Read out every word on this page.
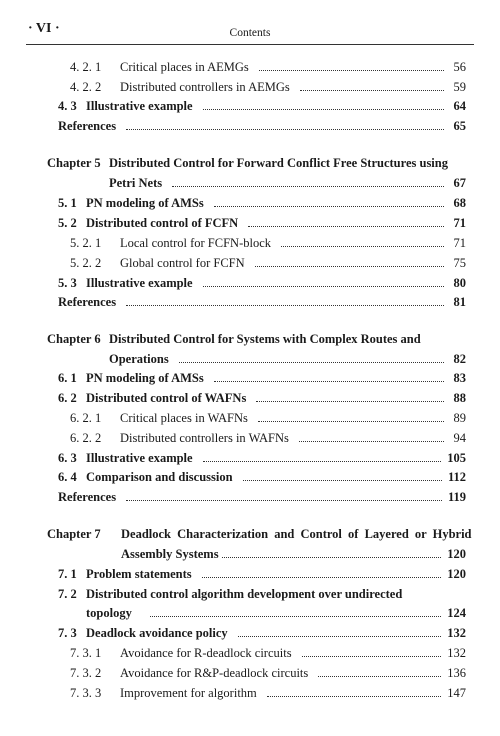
· VI ·	Contents
4. 2. 1	Critical places in AEMGs	56
4. 2. 2	Distributed controllers in AEMGs	59
4. 3 Illustrative example	64
References	65
Chapter 5 Distributed Control for Forward Conflict Free Structures using
Petri Nets	67
5. 1 PN modeling of AMSs	68
5. 2 Distributed control of FCFN	71
5. 2. 1	Local control for FCFN-block	71
5. 2. 2	Global control for FCFN	75
5. 3 Illustrative example	80
References	81
Chapter 6 Distributed Control for Systems with Complex Routes and
Operations	82
6. 1 PN modeling of AMSs	83
6. 2 Distributed control of WAFNs	88
6. 2. 1	Critical places in WAFNs	89
6. 2. 2	Distributed controllers in WAFNs	94
6. 3 Illustrative example	105
6. 4 Comparison and discussion	112
References	119
Chapter 7 Deadlock Characterization and Control of Layered or Hybrid
Assembly Systems	120
7. 1 Problem statements	120
7. 2 Distributed control algorithm development over undirected
topology	124
7. 3 Deadlock avoidance policy	132
7. 3. 1	Avoidance for R-deadlock circuits	132
7. 3. 2	Avoidance for R&P-deadlock circuits	136
7. 3. 3	Improvement for algorithm	147
